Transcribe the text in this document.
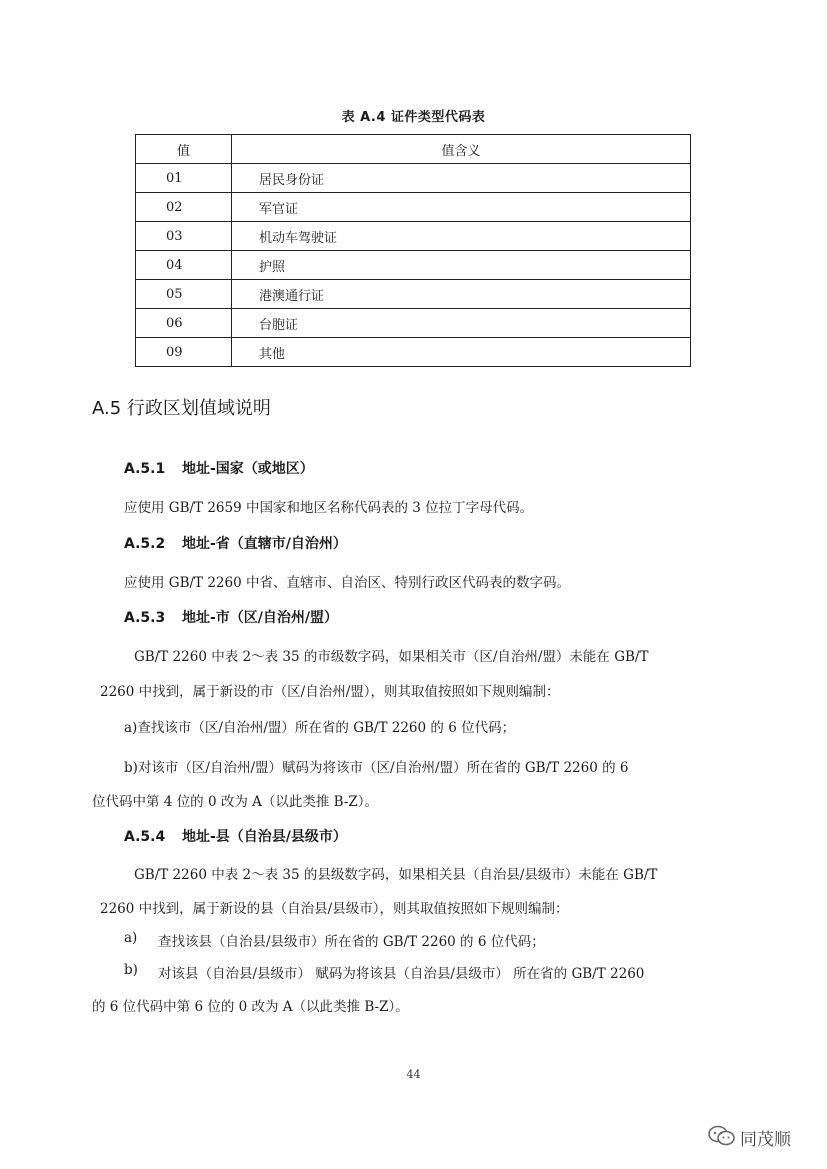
表 A.4 证件类型代码表
值	值含义
01	居民身份证
02	军官证
03	机动车驾驶证
04	护照
05	港澳通行证
06	台胞证
09	其他
A.5 行政区划值域说明
A.5.1 地址-国家（或地区）
应使用 GB/T 2659 中国家和地区名称代码表的 3 位拉丁字母代码。
A.5.2 地址-省（直辖市/自治州）
应使用 GB/T 2260 中省、直辖市、自治区、特别行政区代码表的数字码。
A.5.3 地址-市（区/自治州/盟）
GB/T 2260 中表 2～表 35 的市级数字码，如果相关市（区/自治州/盟）未能在 GB/T
2260 中找到，属于新设的市（区/自治州/盟），则其取值按照如下规则编制：
a)查找该市（区/自治州/盟）所在省的 GB/T 2260 的 6 位代码；
b)对该市（区/自治州/盟）赋码为将该市（区/自治州/盟）所在省的 GB/T 2260 的 6
位代码中第 4 位的 0 改为 A（以此类推 B-Z）。
A.5.4 地址-县（自治县/县级市）
GB/T 2260 中表 2～表 35 的县级数字码，如果相关县（自治县/县级市）未能在 GB/T
2260 中找到，属于新设的县（自治县/县级市），则其取值按照如下规则编制：
a) 查找该县（自治县/县级市）所在省的 GB/T 2260 的 6 位代码；
b) 对该县（自治县/县级市） 赋码为将该县（自治县/县级市） 所在省的 GB/T 2260
的 6 位代码中第 6 位的 0 改为 A（以此类推 B-Z）。
44
同茂顺
